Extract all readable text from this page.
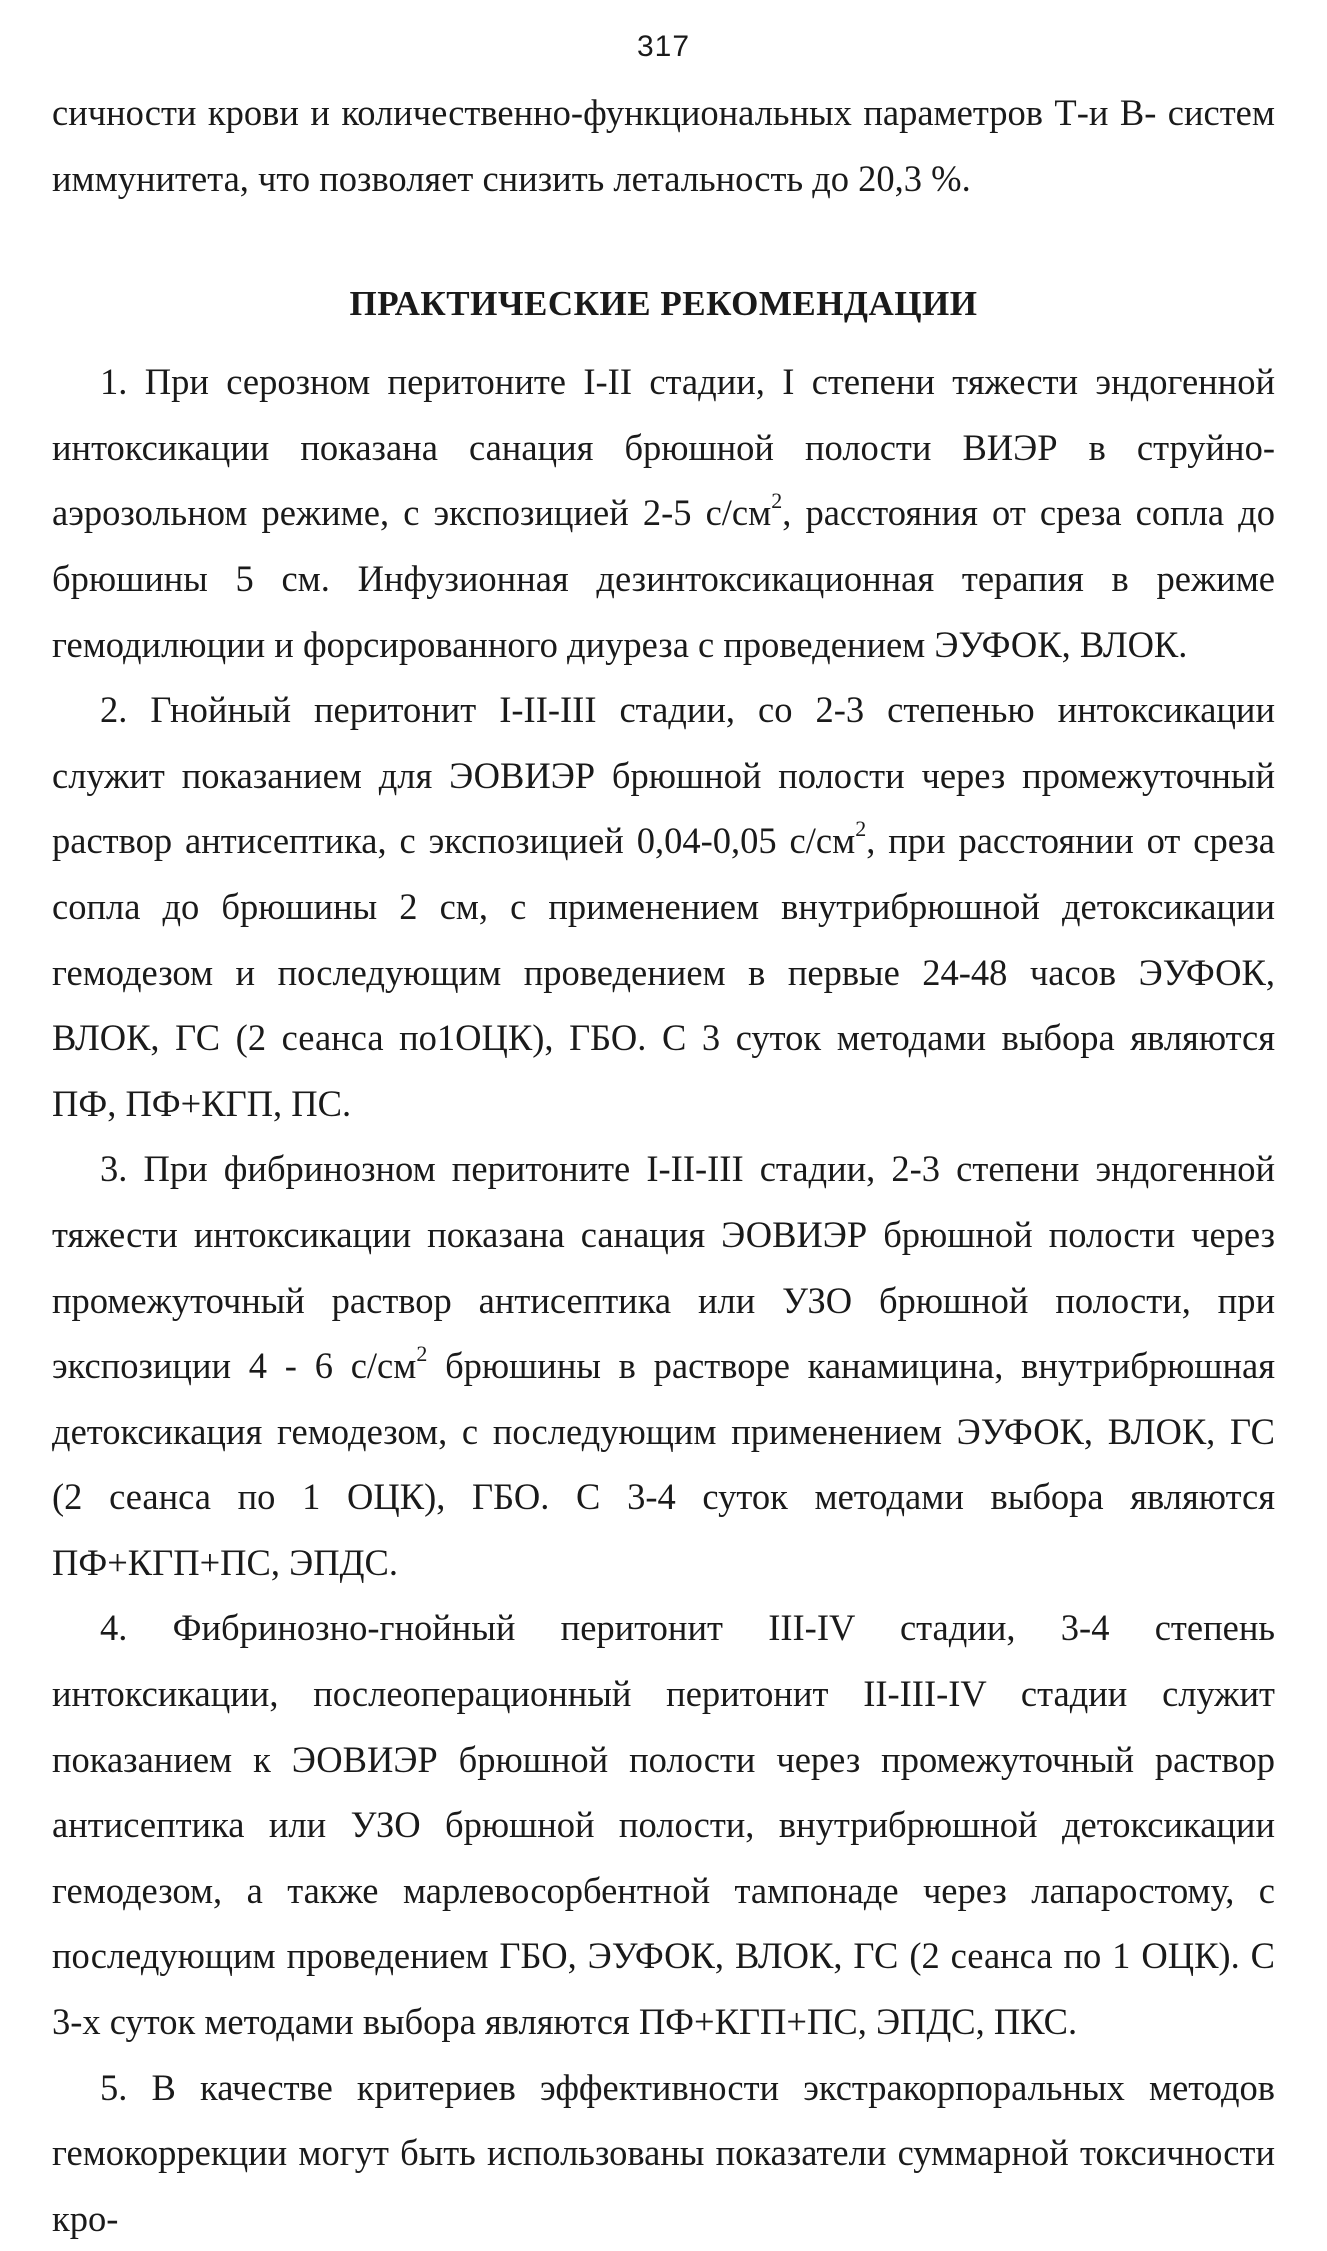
317

сичности крови и количественно-функциональных параметров Т-и В- систем иммунитета, что позволяет снизить летальность до 20,3 %.

ПРАКТИЧЕСКИЕ РЕКОМЕНДАЦИИ

1. При серозном перитоните I-II стадии, I степени тяжести эндогенной интоксикации показана санация брюшной полости ВИЭР в струйно-аэрозольном режиме, с экспозицией 2-5 $с/см^2$, расстояния от среза сопла до брюшины 5 см. Инфузионная дезинтоксикационная терапия в режиме гемодилюции и форсированного диуреза с проведением ЭУФОК, ВЛОК.

2. Гнойный перитонит I-II-III стадии, со 2-3 степенью интоксикации служит показанием для ЭОВИЭР брюшной полости через промежуточный раствор антисептика, с экспозицией 0,04-0,05 $с/см^2$, при расстоянии от среза сопла до брюшины 2 см, с применением внутрибрюшной детоксикации гемодезом и последующим проведением в первые 24-48 часов ЭУФОК, ВЛОК, ГС (2 сеанса по1ОЦК), ГБО. С 3 суток методами выбора являются ПФ, ПФ+КГП, ПС.

3. При фибринозном перитоните I-II-III стадии, 2-3 степени эндогенной тяжести интоксикации показана санация ЭОВИЭР брюшной полости через промежуточный раствор антисептика или УЗО брюшной полости, при экспозиции 4 - 6 $с/см^2$ брюшины в растворе канамицина, внутрибрюшная детоксикация гемодезом, с последующим применением ЭУФОК, ВЛОК, ГС (2 сеанса по 1 ОЦК), ГБО. С 3-4 суток методами выбора являются ПФ+КГП+ПС, ЭПДС.

4. Фибринозно-гнойный перитонит III-IV стадии, 3-4 степень интоксикации, послеоперационный перитонит II-III-IV стадии служит показанием к ЭОВИЭР брюшной полости через промежуточный раствор антисептика или УЗО брюшной полости, внутрибрюшной детоксикации гемодезом, а также марлевосорбентной тампонаде через лапаростому, с последующим проведением ГБО, ЭУФОК, ВЛОК, ГС (2 сеанса по 1 ОЦК). С 3-х суток методами выбора являются ПФ+КГП+ПС, ЭПДС, ПКС.

5. В качестве критериев эффективности экстракорпоральных методов гемокоррекции могут быть использованы показатели суммарной токсичности кро-
